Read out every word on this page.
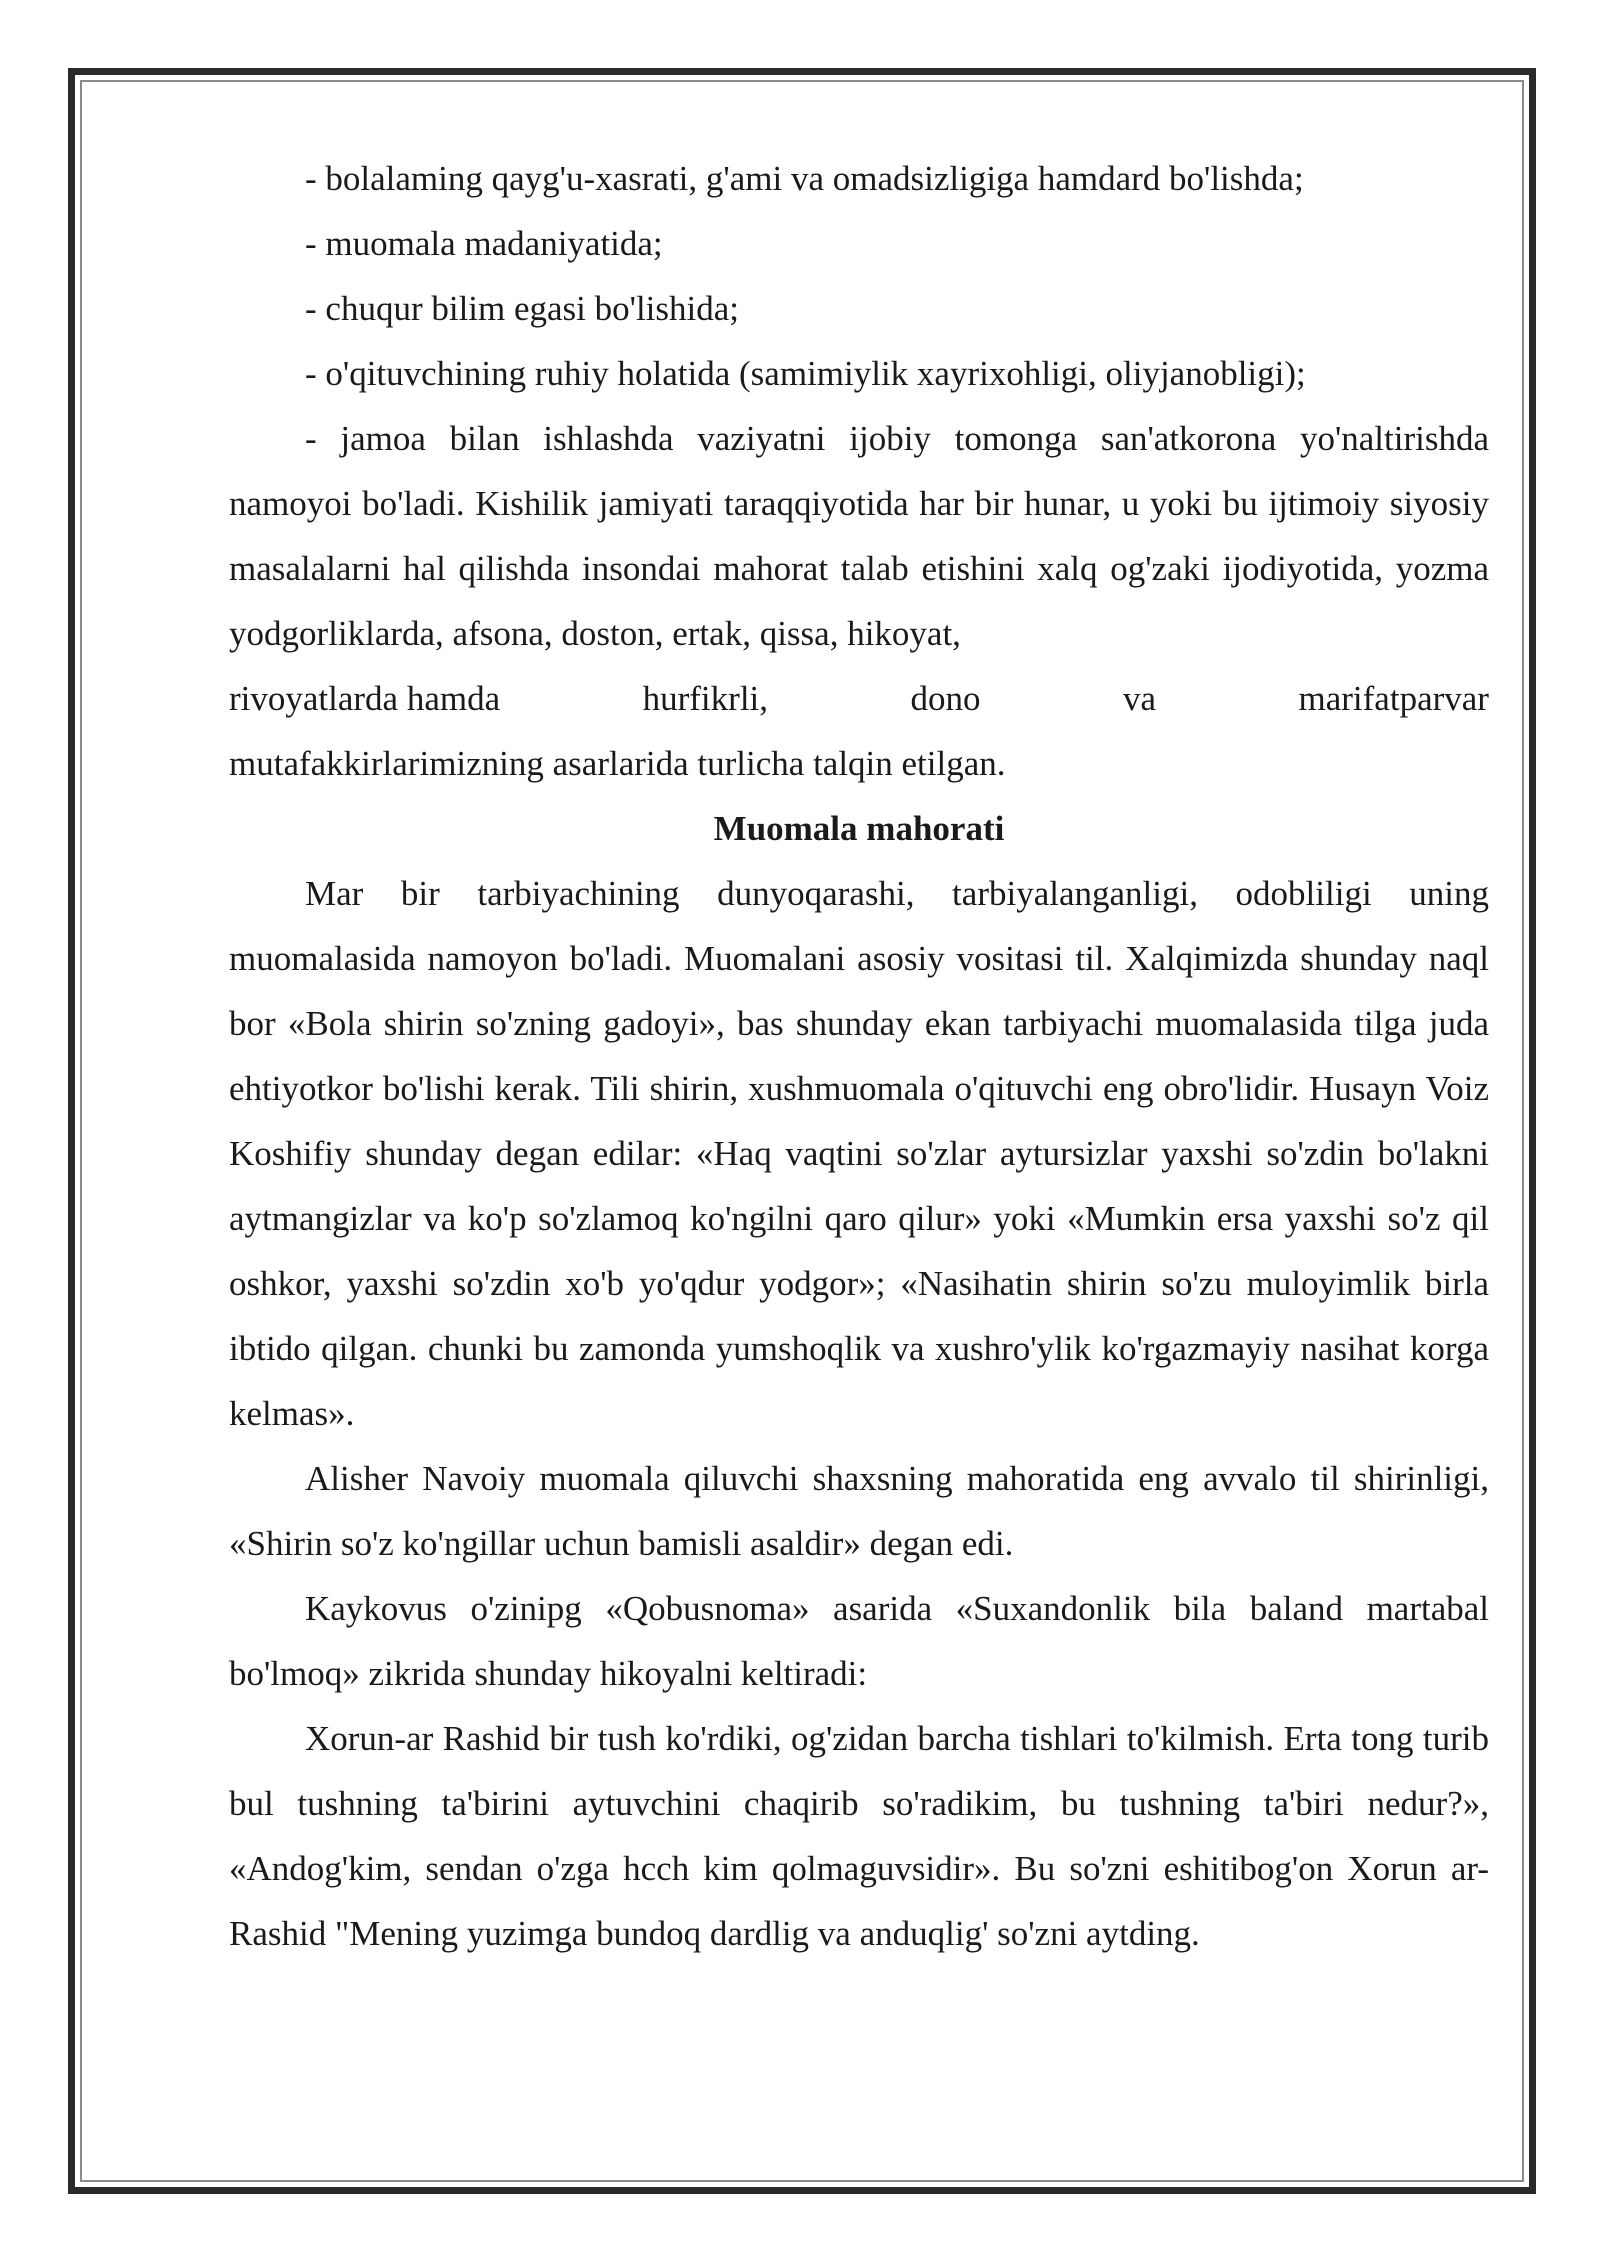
- bolalaming qayg'u-xasrati, g'ami va omadsizligiga hamdard bo'lishda;

- muomala madaniyatida;

- chuqur bilim egasi bo'lishida;

- o'qituvchining ruhiy holatida (samimiylik xayrixohligi, oliyjanobligi);

- jamoa bilan ishlashda vaziyatni ijobiy tomonga san'atkorona yo'naltirishda namoyoi bo'ladi. Kishilik jamiyati taraqqiyotida har bir hunar, u yoki bu ijtimoiy siyosiy masalalarni hal qilishda insondai mahorat talab etishini xalq og'zaki ijodiyotida, yozma yodgorliklarda, afsona, doston, ertak, qissa, hikoyat,

rivoyatlarda hamda	hurfikrli,	dono	va	marifatparvar

mutafakkirlarimizning asarlarida turlicha talqin etilgan.

Muomala mahorati

Mar bir tarbiyachining dunyoqarashi, tarbiyalanganligi, odobliligi uning muomalasida namoyon bo'ladi. Muomalani asosiy vositasi til. Xalqimizda shunday naql bor «Bola shirin so'zning gadoyi», bas shunday ekan tarbiyachi muomalasida tilga juda ehtiyotkor bo'lishi kerak. Tili shirin, xushmuomala o'qituvchi eng obro'lidir. Husayn Voiz Koshifiy shunday degan edilar: «Haq vaqtini so'zlar aytursizlar yaxshi so'zdin bo'lakni aytmangizlar va ko'p so'zlamoq ko'ngilni qaro qilur» yoki «Mumkin ersa yaxshi so'z qil oshkor, yaxshi so'zdin xo'b yo'qdur yodgor»; «Nasihatin shirin so'zu muloyimlik birla ibtido qilgan. chunki bu zamonda yumshoqlik va xushro'ylik ko'rgazmayiy nasihat korga kelmas».

Alisher Navoiy muomala qiluvchi shaxsning mahoratida eng avvalo til shirinligi, «Shirin so'z ko'ngillar uchun bamisli asaldir» degan edi.

Kaykovus o'zinipg «Qobusnoma» asarida «Suxandonlik bila baland martabal bo'lmoq» zikrida shunday hikoyalni keltiradi:

Xorun-ar Rashid bir tush ko'rdiki, og'zidan barcha tishlari to'kilmish. Erta tong turib bul tushning ta'birini aytuvchini chaqirib so'radikim, bu tushning ta'biri nedur?», «Andog'kim, sendan o'zga hcch kim qolmaguvsidir». Bu so'zni eshitibog'on Xorun ar-Rashid "Mening yuzimga bundoq dardlig va anduqlig' so'zni aytding.
